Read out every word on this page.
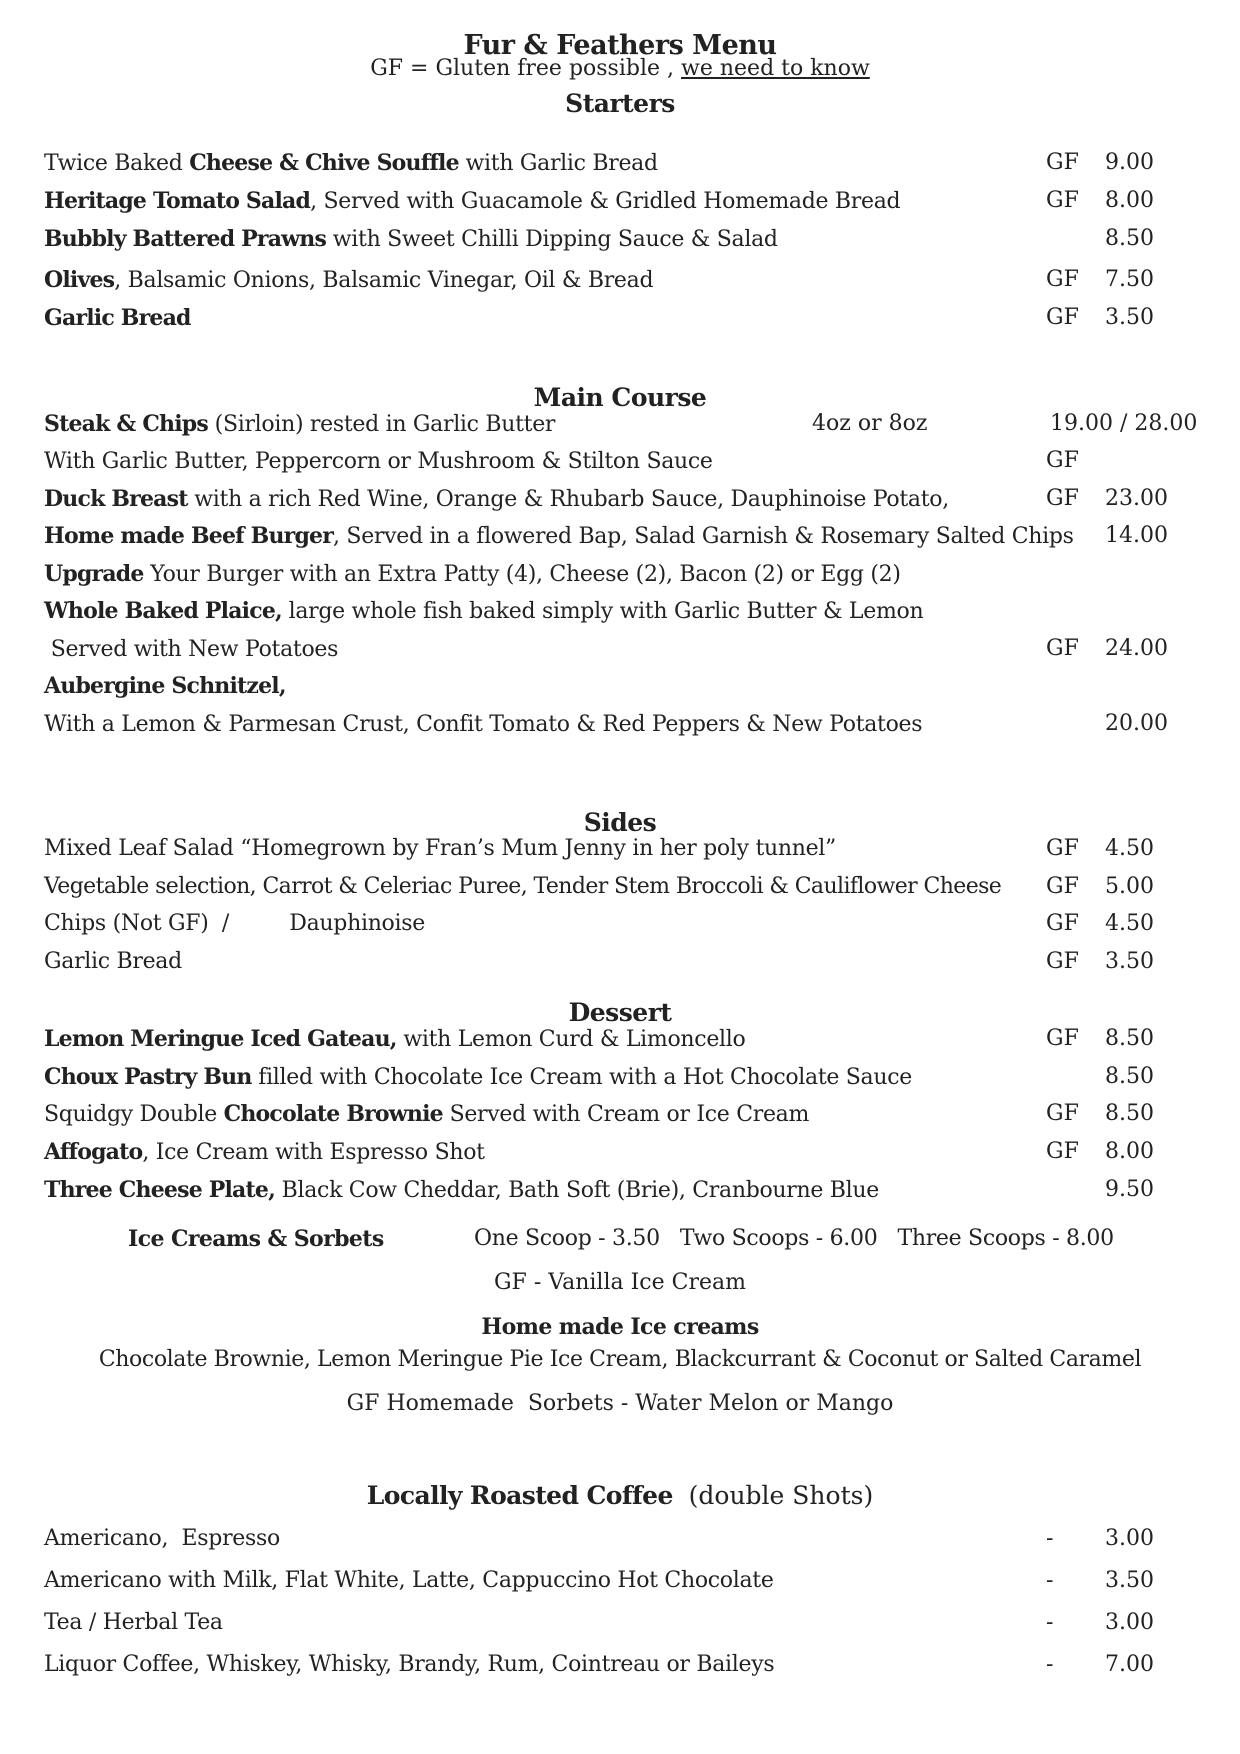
Fur & Feathers Menu
GF = Gluten free possible , we need to know
Starters
Twice Baked Cheese & Chive Souffle with Garlic Bread	GF 9.00
Heritage Tomato Salad, Served with Guacamole & Gridled Homemade Bread	GF 8.00
Bubbly Battered Prawns with Sweet Chilli Dipping Sauce & Salad	8.50
Olives, Balsamic Onions, Balsamic Vinegar, Oil & Bread	GF 7.50
Garlic Bread	GF 3.50
Main Course
Steak & Chips (Sirloin) rested in Garlic Butter	4oz or 8oz	19.00 / 28.00
With Garlic Butter, Peppercorn or Mushroom & Stilton Sauce	GF
Duck Breast with a rich Red Wine, Orange & Rhubarb Sauce, Dauphinoise Potato,	GF 23.00
Home made Beef Burger, Served in a flowered Bap, Salad Garnish & Rosemary Salted Chips 14.00
Upgrade Your Burger with an Extra Patty (4), Cheese (2), Bacon (2) or Egg (2)
Whole Baked Plaice, large whole fish baked simply with Garlic Butter & Lemon
Served with New Potatoes	GF 24.00
Aubergine Schnitzel,
With a Lemon & Parmesan Crust, Confit Tomato & Red Peppers & New Potatoes	20.00
Sides
Mixed Leaf Salad “Homegrown by Fran’s Mum Jenny in her poly tunnel”	GF 4.50
Vegetable selection, Carrot & Celeriac Puree, Tender Stem Broccoli & Cauliflower Cheese GF 5.00
Chips (Not GF)  /         Dauphinoise	GF 4.50
Garlic Bread	GF 3.50
Dessert
Lemon Meringue Iced Gateau, with Lemon Curd & Limoncello	GF 8.50
Choux Pastry Bun filled with Chocolate Ice Cream with a Hot Chocolate Sauce	8.50
Squidgy Double Chocolate Brownie Served with Cream or Ice Cream	GF 8.50
Affogato, Ice Cream with Espresso Shot	GF 8.00
Three Cheese Plate, Black Cow Cheddar, Bath Soft (Brie), Cranbourne Blue	9.50
Ice Creams & Sorbets	One Scoop - 3.50   Two Scoops - 6.00   Three Scoops - 8.00
GF - Vanilla Ice Cream
Home made Ice creams
Chocolate Brownie, Lemon Meringue Pie Ice Cream, Blackcurrant & Coconut or Salted Caramel
GF Homemade  Sorbets - Water Melon or Mango
Locally Roasted Coffee  (double Shots)
Americano,  Espresso	- 3.00
Americano with Milk, Flat White, Latte, Cappuccino Hot Chocolate	- 3.50
Tea / Herbal Tea	- 3.00
Liquor Coffee, Whiskey, Whisky, Brandy, Rum, Cointreau or Baileys	- 7.00
